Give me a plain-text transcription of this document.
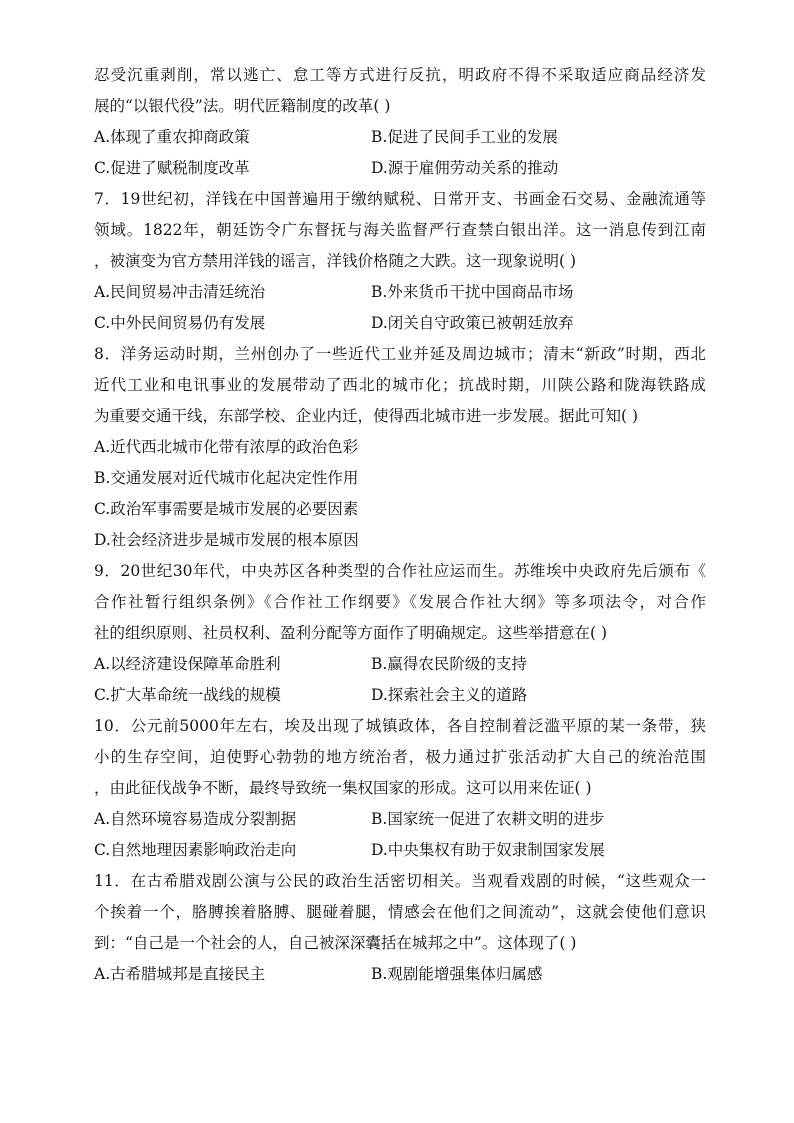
忍受沉重剥削，常以逃亡、怠工等方式进行反抗，明政府不得不采取适应商品经济发
展的“以银代役”法。明代匠籍制度的改革( )
A.体现了重农抑商政策	B.促进了民间手工业的发展
C.促进了赋税制度改革	D.源于雇佣劳动关系的推动
7．19世纪初，洋钱在中国普遍用于缴纳赋税、日常开支、书画金石交易、金融流通等
领域。1822年，朝廷饬令广东督抚与海关监督严行查禁白银出洋。这一消息传到江南
，被演变为官方禁用洋钱的谣言，洋钱价格随之大跌。这一现象说明( )
A.民间贸易冲击清廷统治	B.外来货币干扰中国商品市场
C.中外民间贸易仍有发展	D.闭关自守政策已被朝廷放弃
8．洋务运动时期，兰州创办了一些近代工业并延及周边城市；清末“新政”时期，西北
近代工业和电讯事业的发展带动了西北的城市化；抗战时期，川陕公路和陇海铁路成
为重要交通干线，东部学校、企业内迁，使得西北城市进一步发展。据此可知( )
A.近代西北城市化带有浓厚的政治色彩
B.交通发展对近代城市化起决定性作用
C.政治军事需要是城市发展的必要因素
D.社会经济进步是城市发展的根本原因
9．20世纪30年代，中央苏区各种类型的合作社应运而生。苏维埃中央政府先后颁布《
合作社暂行组织条例》《合作社工作纲要》《发展合作社大纲》等多项法令，对合作
社的组织原则、社员权利、盈利分配等方面作了明确规定。这些举措意在( )
A.以经济建设保障革命胜利	B.赢得农民阶级的支持
C.扩大革命统一战线的规模	D.探索社会主义的道路
10．公元前5000年左右，埃及出现了城镇政体，各自控制着泛滥平原的某一条带，狭
小的生存空间，迫使野心勃勃的地方统治者，极力通过扩张活动扩大自己的统治范围
，由此征伐战争不断，最终导致统一集权国家的形成。这可以用来佐证( )
A.自然环境容易造成分裂割据	B.国家统一促进了农耕文明的进步
C.自然地理因素影响政治走向	D.中央集权有助于奴隶制国家发展
11．在古希腊戏剧公演与公民的政治生活密切相关。当观看戏剧的时候，“这些观众一
个挨着一个，胳膊挨着胳膊、腿碰着腿，情感会在他们之间流动”，这就会使他们意识
到：“自己是一个社会的人，自己被深深囊括在城邦之中”。这体现了( )
A.古希腊城邦是直接民主	B.观剧能增强集体归属感
